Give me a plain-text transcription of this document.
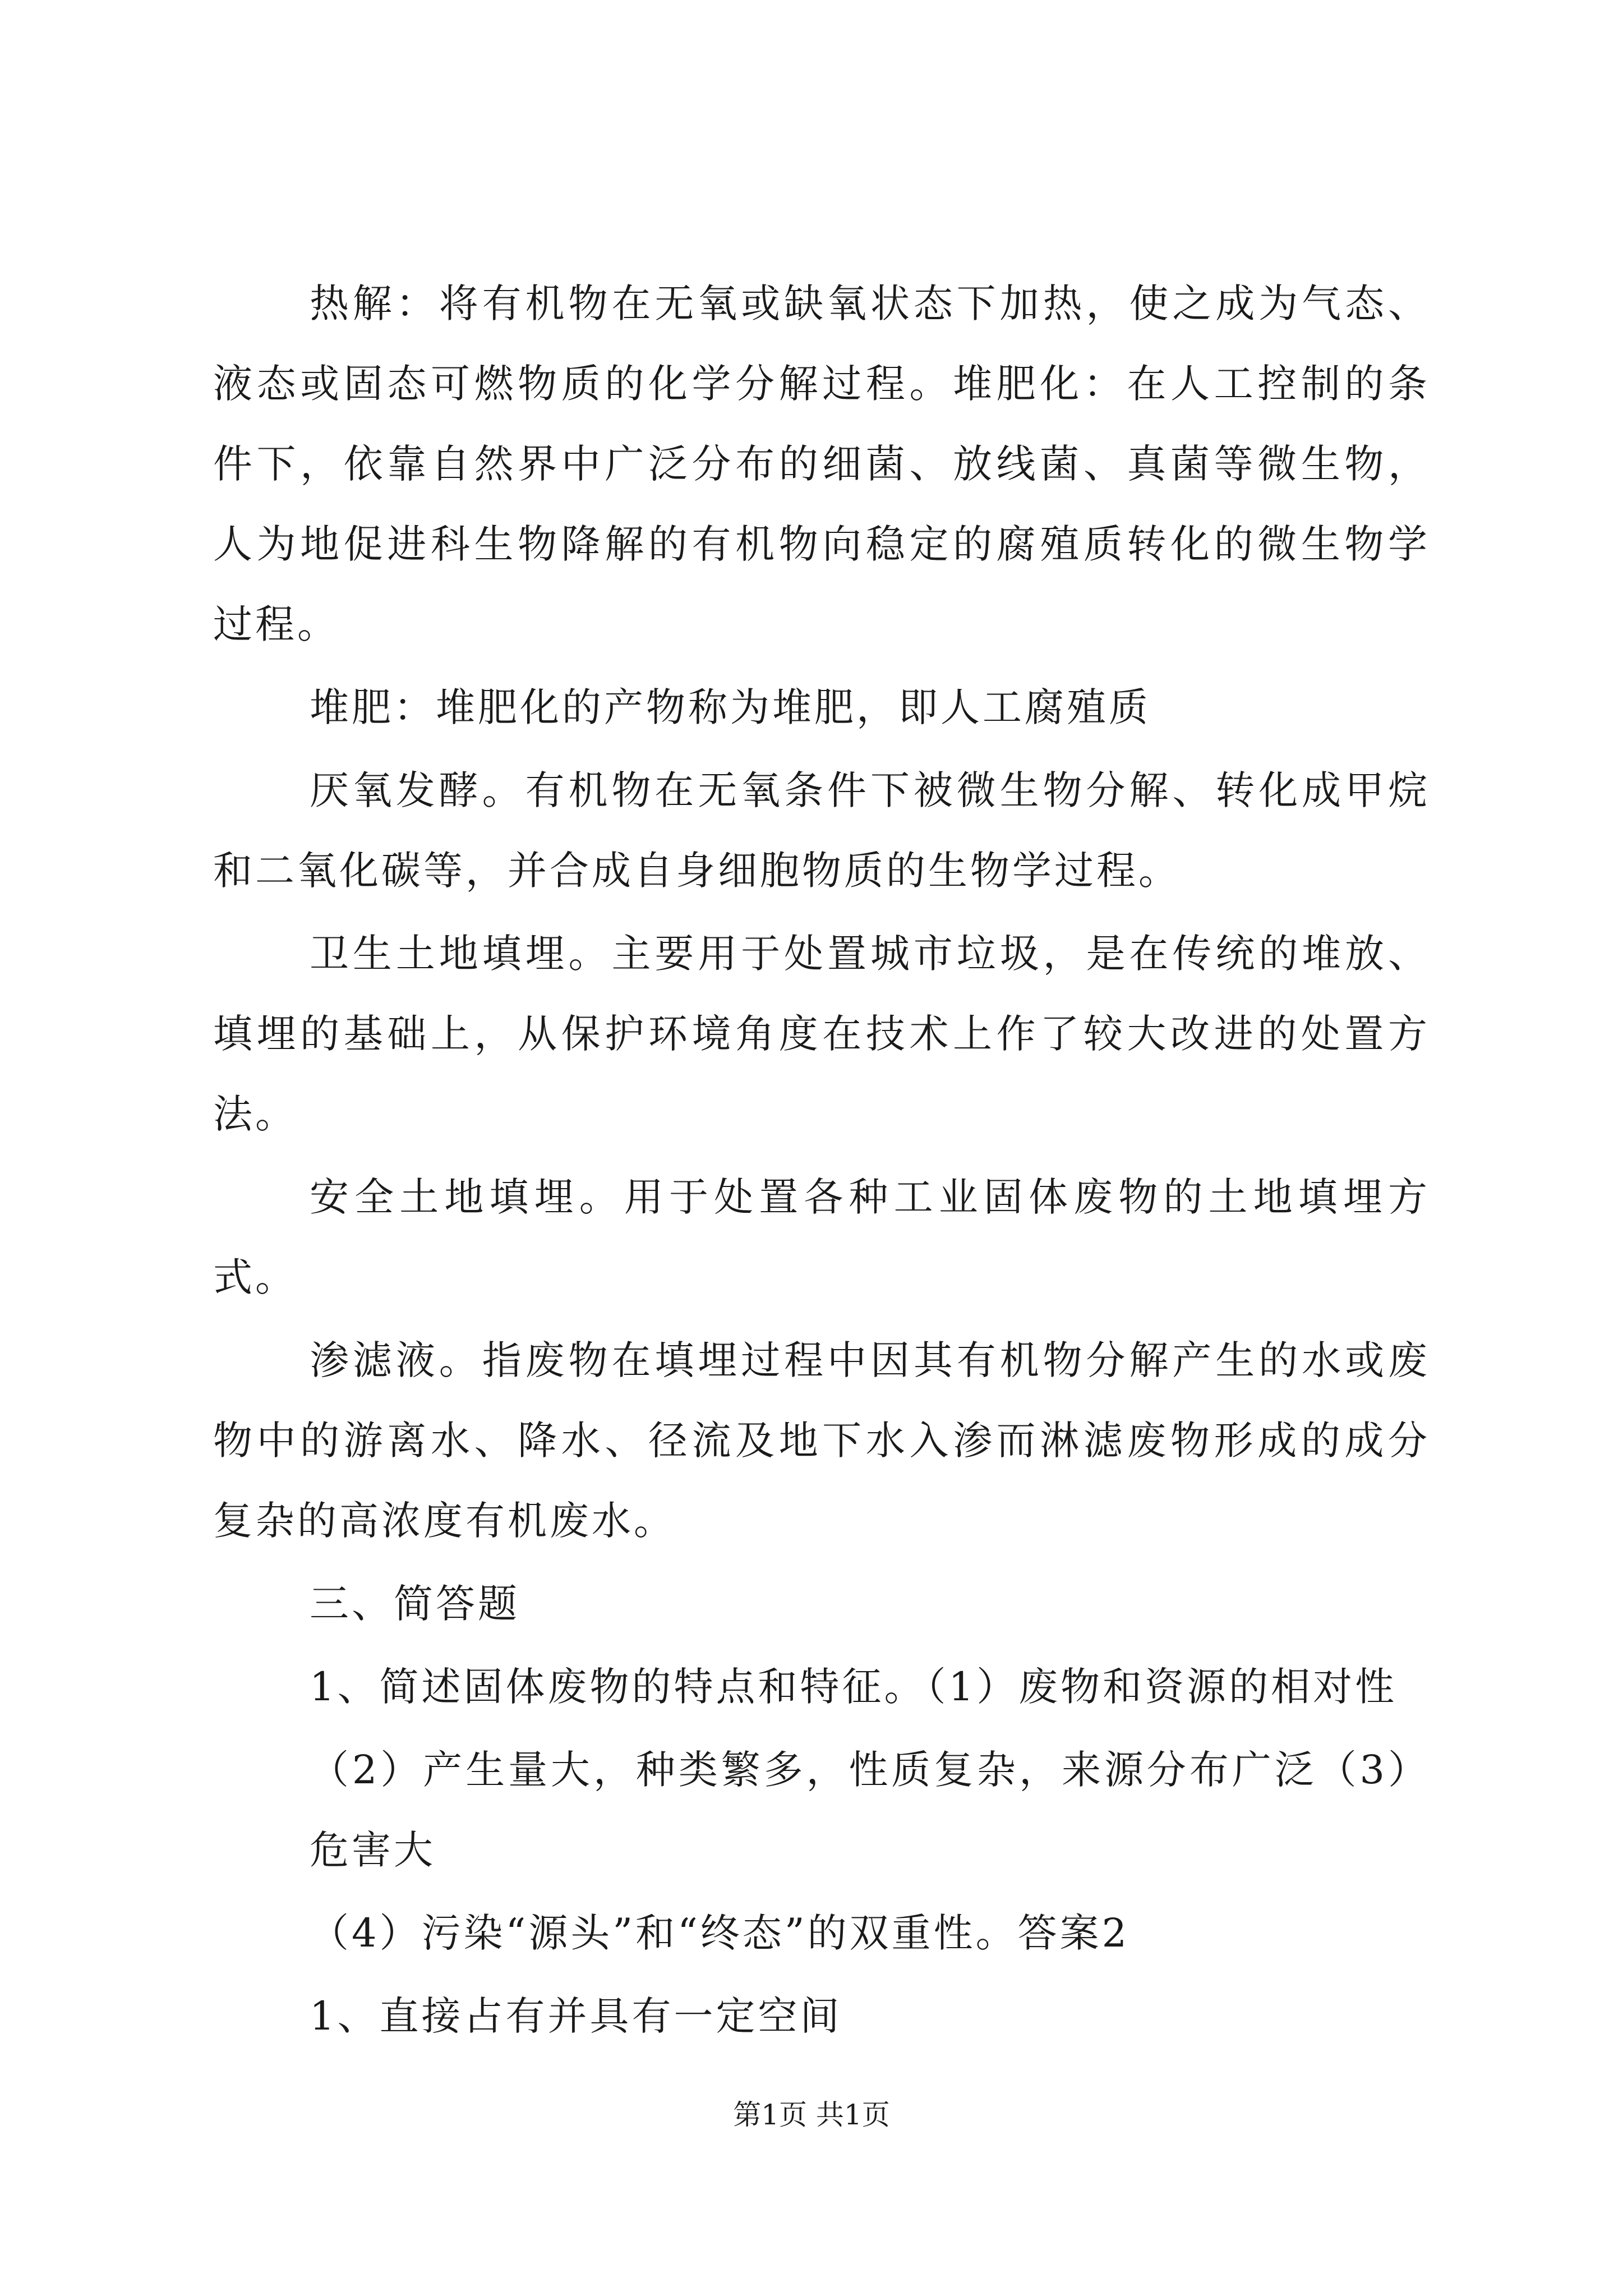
热解：将有机物在无氧或缺氧状态下加热，使之成为气态、液态或固态可燃物质的化学分解过程。堆肥化：在人工控制的条件下，依靠自然界中广泛分布的细菌、放线菌、真菌等微生物，人为地促进科生物降解的有机物向稳定的腐殖质转化的微生物学过程。

堆肥：堆肥化的产物称为堆肥，即人工腐殖质

厌氧发酵。有机物在无氧条件下被微生物分解、转化成甲烷和二氧化碳等，并合成自身细胞物质的生物学过程。

卫生土地填埋。主要用于处置城市垃圾，是在传统的堆放、填埋的基础上，从保护环境角度在技术上作了较大改进的处置方法。

安全土地填埋。用于处置各种工业固体废物的土地填埋方式。

渗滤液。指废物在填埋过程中因其有机物分解产生的水或废物中的游离水、降水、径流及地下水入渗而淋滤废物形成的成分复杂的高浓度有机废水。

三、简答题

1、简述固体废物的特点和特征。（1）废物和资源的相对性

（2）产生量大，种类繁多，性质复杂，来源分布广泛（3）危害大

（4）污染“源头”和“终态”的双重性。答案2

1、直接占有并具有一定空间

第1页 共1页
